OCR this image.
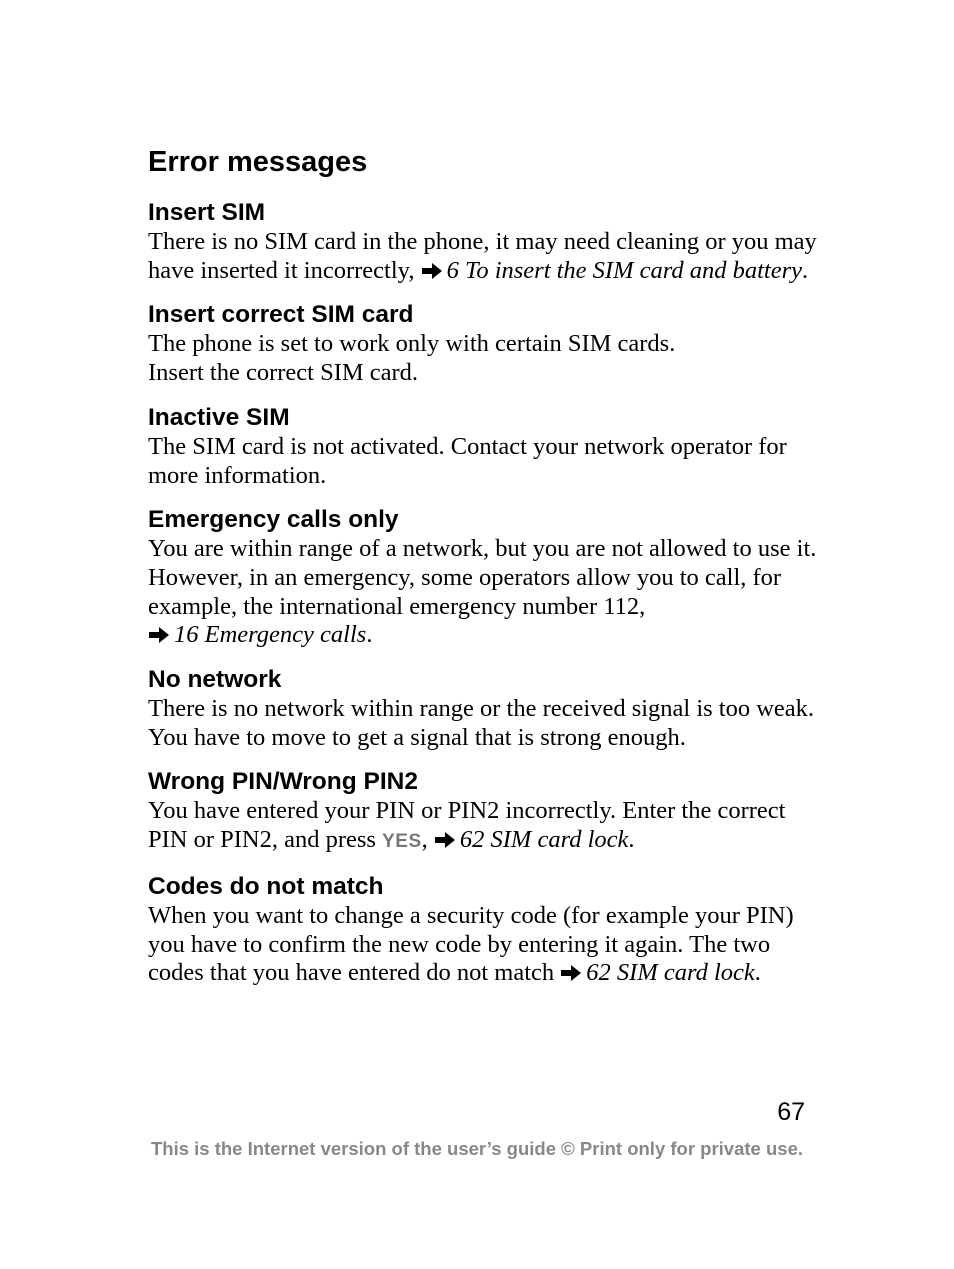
Error messages
Insert SIM

There is no SIM card in the phone, it may need cleaning or you may have inserted it incorrectly, 6 To insert the SIM card and battery.

Insert correct SIM card

The phone is set to work only with certain SIM cards.
Insert the correct SIM card.

Inactive SIM

The SIM card is not activated. Contact your network operator for more information.

Emergency calls only

You are within range of a network, but you are not allowed to use it. However, in an emergency, some operators allow you to call, for example, the international emergency number 112,
16 Emergency calls.

No network

There is no network within range or the received signal is too weak. You have to move to get a signal that is strong enough.

Wrong PIN/Wrong PIN2

You have entered your PIN or PIN2 incorrectly. Enter the correct PIN or PIN2, and press YES, 62 SIM card lock.

Codes do not match

When you want to change a security code (for example your PIN) you have to confirm the new code by entering it again. The two codes that you have entered do not match 62 SIM card lock.

67
This is the Internet version of the user’s guide © Print only for private use.
